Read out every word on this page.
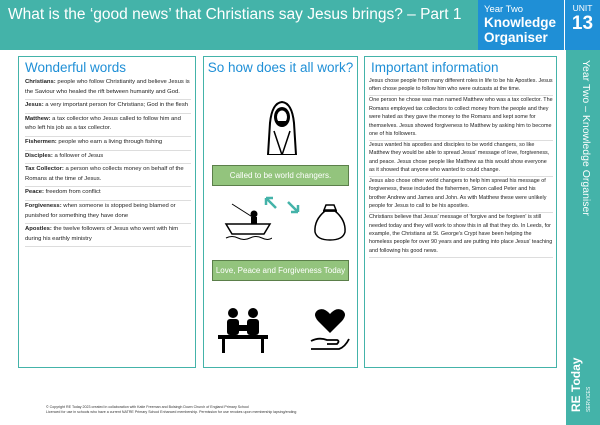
What is the ‘good news’ that Christians say Jesus brings? – Part 1	Year Two
Knowledge
Organiser
UNIT
13
Year Two – Knowledge Organiser
RE Today SERVICES
Wonderful words
Christians: people who follow Christianity and believe Jesus is the Saviour who healed the rift between humanity and God.
Jesus: a very important person for Christians; God in the flesh
Matthew: a tax collector who Jesus called to follow him and who left his job as a tax collector.
Fishermen: people who earn a living through fishing
Disciples: a follower of Jesus
Tax Collector: a person who collects money on behalf of the Romans at the time of Jesus.
Peace: freedom from conflict
Forgiveness: when someone is stopped being blamed or punished for something they have done
Apostles: the twelve followers of Jesus who went with him during his earthly ministry
So how does it all work?
Called to be world changers.
Love, Peace and Forgiveness Today
Important information
Jesus chose people from many different roles in life to be his Apostles. Jesus often chose people to follow him who were outcasts at the time.
One person he chose was man named Matthew who was a tax collector. The Romans employed tax collectors to collect money from the people and they were hated as they gave the money to the Romans and kept some for themselves. Jesus showed forgiveness to Matthew by asking him to become one of his followers.
Jesus wanted his apostles and disciples to be world changers, so like Matthew they would be able to spread Jesus' message of love, forgiveness, and peace. Jesus chose people like Matthew as this would show everyone as it showed that anyone who wanted to could change.
Jesus also chose other world changers to help him spread his message of forgiveness, these included the fishermen, Simon called Peter and his brother Andrew and James and John. As with Matthew these were unlikely people for Jesus to call to be his apostles.
Christians believe that Jesus' message of 'forgive and be forgiven' is still needed today and they will work to show this in all that they do. In Leeds, for example, the Christians at St. George's Crypt have been helping the homeless people for over 90 years and are putting into place Jesus' teaching and following his good news.
© Copyright RE Today 2023 created in collaboration with Katie Freeman and Bolsingh Down Church of England Primary School
Licenced for use in schools who have a current NATRE Primary School Enhanced membership. Permission for use revokes upon membership lapsing/ending
